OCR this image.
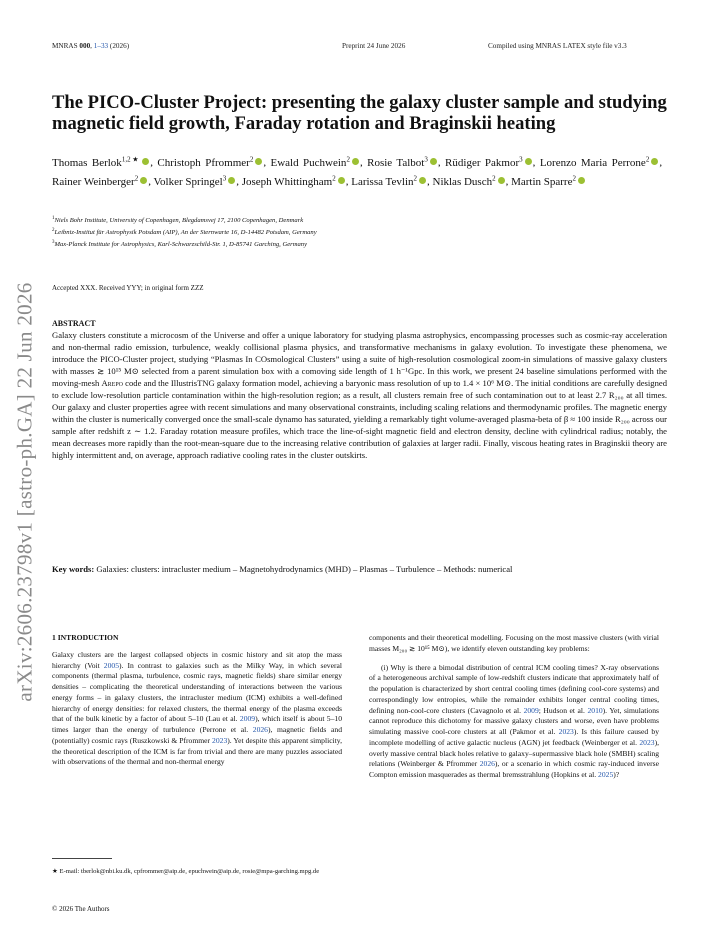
MNRAS 000, 1–33 (2026)	Preprint 24 June 2026	Compiled using MNRAS LATEX style file v3.3
arXiv:2606.23798v1 [astro-ph.GA] 22 Jun 2026
The PICO-Cluster Project: presenting the galaxy cluster sample and studying magnetic field growth, Faraday rotation and Braginskii heating
Thomas Berlok$^{1,2★}$ , Christoph Pfrommer$^2$ , Ewald Puchwein$^2$ , Rosie Talbot$^3$ , Rüdiger Pakmor$^3$ , Lorenzo Maria Perrone$^2$ , Rainer Weinberger$^2$ , Volker Springel$^3$ , Joseph Whittingham$^2$ , Larissa Tevlin$^2$ , Niklas Dusch$^2$ , Martin Sparre$^2$
$^1$Niels Bohr Institute, University of Copenhagen, Blegdamsvej 17, 2100 Copenhagen, Denmark
$^2$Leibniz-Institut für Astrophysik Potsdam (AIP), An der Sternwarte 16, D-14482 Potsdam, Germany
$^3$Max-Planck Institute for Astrophysics, Karl-Schwarzschild-Str. 1, D-85741 Garching, Germany
Accepted XXX. Received YYY; in original form ZZZ
ABSTRACT
Galaxy clusters constitute a microcosm of the Universe and offer a unique laboratory for studying plasma astrophysics, encompassing processes such as cosmic-ray acceleration and non-thermal radio emission, turbulence, weakly collisional plasma physics, and transformative mechanisms in galaxy evolution. To investigate these phenomena, we introduce the PICO-Cluster project, studying “Plasmas In COsmological Clusters” using a suite of high-resolution cosmological zoom-in simulations of massive galaxy clusters with masses ≳ 10¹⁵ M⊙ selected from a parent simulation box with a comoving side length of 1 h⁻¹Gpc. In this work, we present 24 baseline simulations performed with the moving-mesh Arepo code and the IllustrisTNG galaxy formation model, achieving a baryonic mass resolution of up to 1.4 × 10⁶ M⊙. The initial conditions are carefully designed to exclude low-resolution particle contamination within the high-resolution region; as a result, all clusters remain free of such contamination out to at least 2.7 R₂₀₀ at all times. Our galaxy and cluster properties agree with recent simulations and many observational constraints, including scaling relations and thermodynamic profiles. The magnetic energy within the cluster is numerically converged once the small-scale dynamo has saturated, yielding a remarkably tight volume-averaged plasma-beta of β ≈ 100 inside R₂₀₀ across our sample after redshift z ∼ 1.2. Faraday rotation measure profiles, which trace the line-of-sight magnetic field and electron density, decline with cylindrical radius; notably, the mean decreases more rapidly than the root-mean-square due to the increasing relative contribution of galaxies at larger radii. Finally, viscous heating rates in Braginskii theory are highly intermittent and, on average, approach radiative cooling rates in the cluster outskirts.
Key words: Galaxies: clusters: intracluster medium – Magnetohydrodynamics (MHD) – Plasmas – Turbulence – Methods: numerical
1 INTRODUCTION

Galaxy clusters are the largest collapsed objects in cosmic history and sit atop the mass hierarchy (Voit 2005). In contrast to galaxies such as the Milky Way, in which several components (thermal plasma, turbulence, cosmic rays, magnetic fields) share similar energy densities – complicating the theoretical understanding of interactions between the various energy forms – in galaxy clusters, the intracluster medium (ICM) exhibits a well-defined hierarchy of energy densities: for relaxed clusters, the thermal energy of the plasma exceeds that of the bulk kinetic by a factor of about 5–10 (Lau et al. 2009), which itself is about 5–10 times larger than the energy of turbulence (Perrone et al. 2026), magnetic fields and (potentially) cosmic rays (Ruszkowski & Pfrommer 2023). Yet despite this apparent simplicity, the theoretical description of the ICM is far from trivial and there are many puzzles associated with observations of the thermal and non-thermal energy

components and their theoretical modelling. Focusing on the most massive clusters (with virial masses M₂₀₀ ≳ 10¹⁵ M⊙), we identify eleven outstanding key problems:

(i) Why is there a bimodal distribution of central ICM cooling times? X-ray observations of a heterogeneous archival sample of low-redshift clusters indicate that approximately half of the population is characterized by short central cooling times (defining cool-core systems) and correspondingly low entropies, while the remainder exhibits longer central cooling times, defining non-cool-core clusters (Cavagnolo et al. 2009; Hudson et al. 2010). Yet, simulations cannot reproduce this dichotomy for massive galaxy clusters and worse, even have problems simulating massive cool-core clusters at all (Pakmor et al. 2023). Is this failure caused by incomplete modelling of active galactic nucleus (AGN) jet feedback (Weinberger et al. 2023), overly massive central black holes relative to galaxy–supermassive black hole (SMBH) scaling relations (Weinberger & Pfrommer 2026), or a scenario in which cosmic ray-induced inverse Compton emission masquerades as thermal bremsstrahlung (Hopkins et al. 2025)?

★ E-mail: tberlok@nbi.ku.dk, cpfrommer@aip.de, epuchwein@aip.de, rosie@mpa-garching.mpg.de
© 2026 The Authors
